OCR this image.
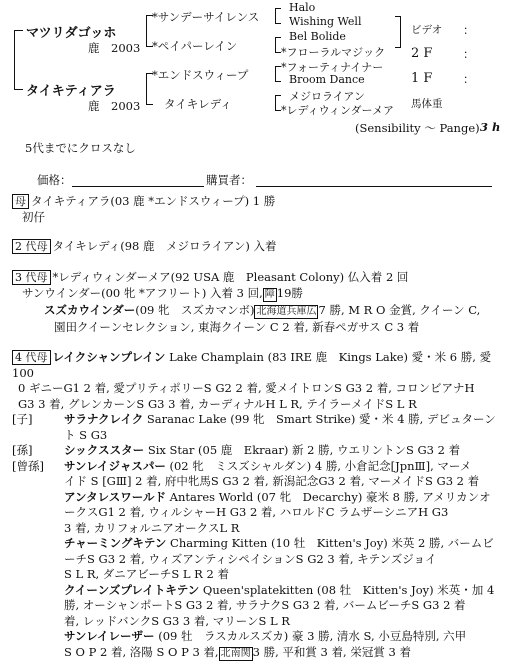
マツリダゴッホ
鹿　2003
タイキティアラ
鹿　2003
*サンデーサイレンス
*ペイパーレイン
*エンドスウィープ
タイキレディ
Halo
Wishing Well
Bel Bolide
*フローラルマジック
*フォーティナイナー
Broom Dance
メジロライアン
*レディウィンダーメア
(Sensibility ～ Pange) 3 h
ビデオ ：
2 F	：
1 F	：
馬体重
5代までにクロスなし
価格：	購買者：
母 タイキティアラ(03 鹿 *エンドスウィープ) 1 勝
初仔
2 代母 タイキレディ(98 鹿　メジロライアン) 入着
3 代母 *レディウィンダーメア(92 USA 鹿　Pleasant Colony) 仏入着 2 回
サンウインダー(00 牝 *アフリート) 入着 3 回, 障 19勝
スズカウインダー(09 牝　スズカマンボ) 北海道兵庫広 7 勝, M R O 金賞, クイーン C,
園田クイーンセレクション, 東海クイーン C 2 着, 新春ペガサス C 3 着
4 代母 レイクシャンプレイン Lake Champlain (83 IRE 鹿　Kings Lake) 愛・米 6 勝, 愛100
0 ギニーG1 2 着, 愛プリティポリーS G2 2 着, 愛メイトロンS G3 2 着, コロンビアナH
G3 3 着, グレンカーンS G3 3 着, カーディナルH L R, テイラーメイドS L R
[子]	サラナクレイク Saranac Lake (99 牝　Smart Strike) 愛・米 4 勝, デビュターン
ト S G3
[孫]	シックススター Six Star (05 鹿　Ekraar) 新 2 勝, ウエリントンS G3 2 着
[曾孫]	サンレイジャスパー (02 牝　ミスズシャルダン) 4 勝, 小倉記念[JpnⅢ], マーメ
イド S [GⅢ] 2 着, 府中牝馬S G3 2 着, 新潟記念G3 2 着, マーメイドS G3 2 着
アンタレスワールド Antares World (07 牝　Decarchy) 豪米 8 勝, アメリカンオ
ークスG1 2 着, ウィルシャーH G3 2 着, ハロルドC ラムザーシニアH G3
3 着, カリフォルニアオークスL R
チャーミングキテン Charming Kitten (10 牡　Kitten's Joy) 米英 2 勝, バームビ
ーチS G3 2 着, ウィズアンティシペイションS G2 3 着, キテンズジョイ
S L R, ダニアビーチS L R 2 着
クイーンズプレイトキテン Queen'splatekitten (08 牡　Kitten's Joy) 米英・加 4
勝, オーシャンポートS G3 2 着, サラナクS G3 2 着, バームビーチS G3 2 着
着, レッドバンクS G3 3 着, マリーンS L R
サンレイレーザー (09 牡　ラスカルスズカ) 豪 3 勝, 清水 S, 小豆島特別, 六甲
S O P 2 着, 洛陽 S O P 3 着, 北南関 3 勝, 平和賞 3 着, 栄冠賞 3 着
